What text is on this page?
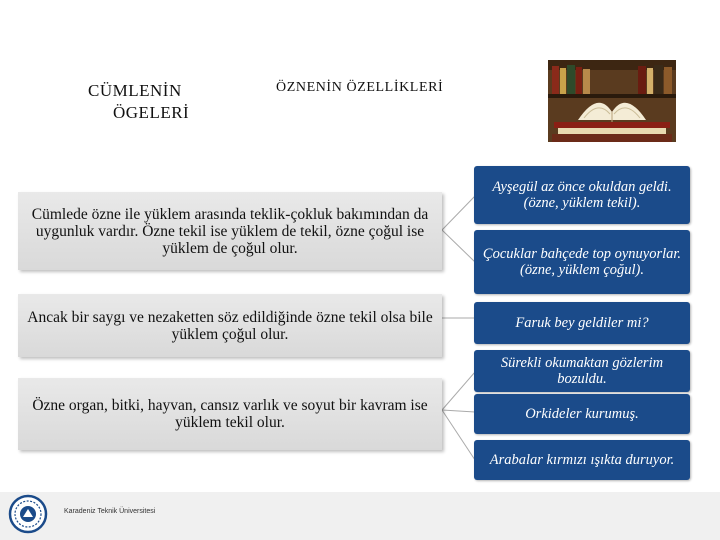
CÜMLENİN
ÖGELERİ
ÖZNENİN ÖZELLİKLERİ
Cümlede özne ile yüklem arasında teklik-çokluk bakımından da uygunluk vardır. Özne tekil ise yüklem de tekil, özne çoğul ise yüklem de çoğul olur.
Ancak bir saygı ve nezaketten söz edildiğinde özne tekil olsa bile yüklem çoğul olur.
Özne organ, bitki, hayvan, cansız varlık ve soyut bir kavram ise yüklem tekil olur.
Ayşegül az önce okuldan geldi. (özne, yüklem tekil).
Çocuklar bahçede top oynuyorlar. (özne, yüklem çoğul).
Faruk bey geldiler mi?
Sürekli okumaktan gözlerim bozuldu.
Orkideler kurumuş.
Arabalar kırmızı ışıkta duruyor.
Karadeniz Teknik Üniversitesi
